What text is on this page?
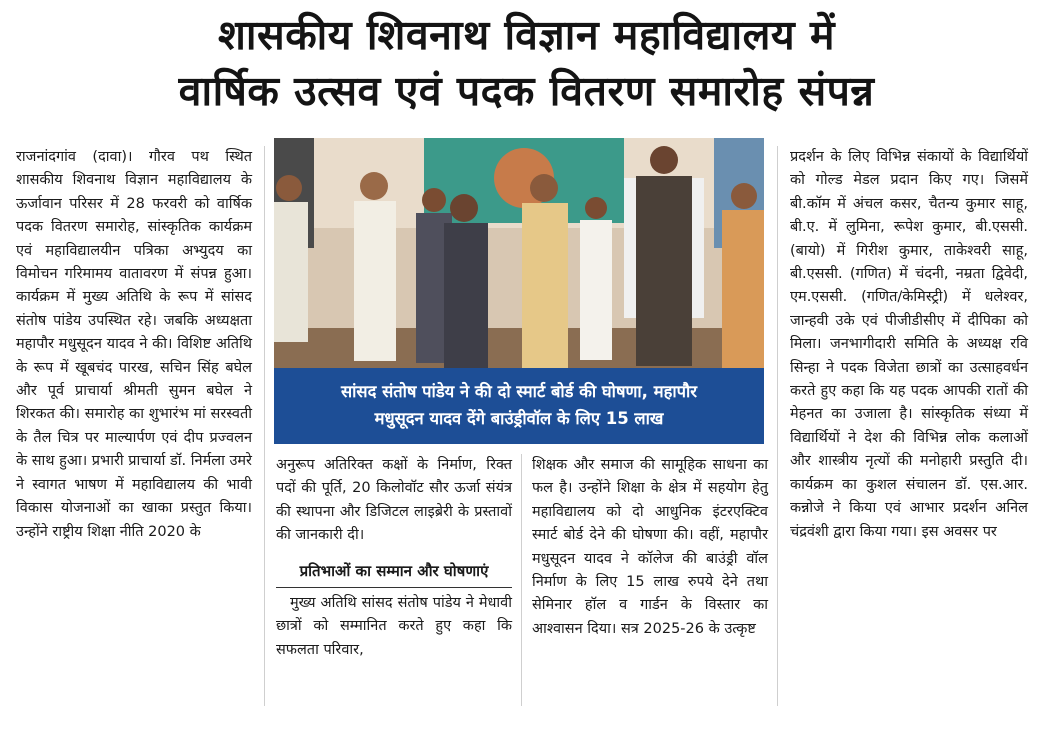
शासकीय शिवनाथ विज्ञान महाविद्यालय में
वार्षिक उत्सव एवं पदक वितरण समारोह संपन्न

राजनांदगांव (दावा)। गौरव पथ स्थित शासकीय शिवनाथ विज्ञान महाविद्यालय के ऊर्जावान परिसर में 28 फरवरी को वार्षिक पदक वितरण समारोह, सांस्कृतिक कार्यक्रम एवं महाविद्यालयीन पत्रिका अभ्युदय का विमोचन गरिमामय वातावरण में संपन्न हुआ। कार्यक्रम में मुख्य अतिथि के रूप में सांसद संतोष पांडेय उपस्थित रहे। जबकि अध्यक्षता महापौर मधुसूदन यादव ने की। विशिष्ट अतिथि के रूप में खूबचंद पारख, सचिन सिंह बघेल और पूर्व प्राचार्या श्रीमती सुमन बघेल ने शिरकत की। समारोह का शुभारंभ मां सरस्वती के तैल चित्र पर माल्यार्पण एवं दीप प्रज्वलन के साथ हुआ। प्रभारी प्राचार्या डॉ. निर्मला उमरे ने स्वागत भाषण में महाविद्यालय की भावी विकास योजनाओं का खाका प्रस्तुत किया। उन्होंने राष्ट्रीय शिक्षा नीति 2020 के

सांसद संतोष पांडेय ने की दो स्मार्ट बोर्ड की घोषणा, महापौर
मधुसूदन यादव देंगे बाउंड्रीवॉल के लिए 15 लाख

अनुरूप अतिरिक्त कक्षों के निर्माण, रिक्त पदों की पूर्ति, 20 किलोवॉट सौर ऊर्जा संयंत्र की स्थापना और डिजिटल लाइब्रेरी के प्रस्तावों की जानकारी दी।

प्रतिभाओं का सम्मान और घोषणाएं

मुख्य अतिथि सांसद संतोष पांडेय ने मेधावी छात्रों को सम्मानित करते हुए कहा कि सफलता परिवार,

शिक्षक और समाज की सामूहिक साधना का फल है। उन्होंने शिक्षा के क्षेत्र में सहयोग हेतु महाविद्यालय को दो आधुनिक इंटरएक्टिव स्मार्ट बोर्ड देने की घोषणा की। वहीं, महापौर मधुसूदन यादव ने कॉलेज की बाउंड्री वॉल निर्माण के लिए 15 लाख रुपये देने तथा सेमिनार हॉल व गार्डन के विस्तार का आश्वासन दिया। सत्र 2025-26 के उत्कृष्ट

प्रदर्शन के लिए विभिन्न संकायों के विद्यार्थियों को गोल्ड मेडल प्रदान किए गए। जिसमें बी.कॉम में अंचल कसर, चैतन्य कुमार साहू, बी.ए. में लुमिना, रूपेश कुमार, बी.एससी. (बायो) में गिरीश कुमार, ताकेश्वरी साहू, बी.एससी. (गणित) में चंदनी, नम्रता द्विवेदी, एम.एससी. (गणित/केमिस्ट्री) में धलेश्वर, जान्हवी उके एवं पीजीडीसीए में दीपिका को मिला। जनभागीदारी समिति के अध्यक्ष रवि सिन्हा ने पदक विजेता छात्रों का उत्साहवर्धन करते हुए कहा कि यह पदक आपकी रातों की मेहनत का उजाला है। सांस्कृतिक संध्या में विद्यार्थियों ने देश की विभिन्न लोक कलाओं और शास्त्रीय नृत्यों की मनोहारी प्रस्तुति दी। कार्यक्रम का कुशल संचालन डॉ. एस.आर. कन्नोजे ने किया एवं आभार प्रदर्शन अनिल चंद्रवंशी द्वारा किया गया। इस अवसर पर
